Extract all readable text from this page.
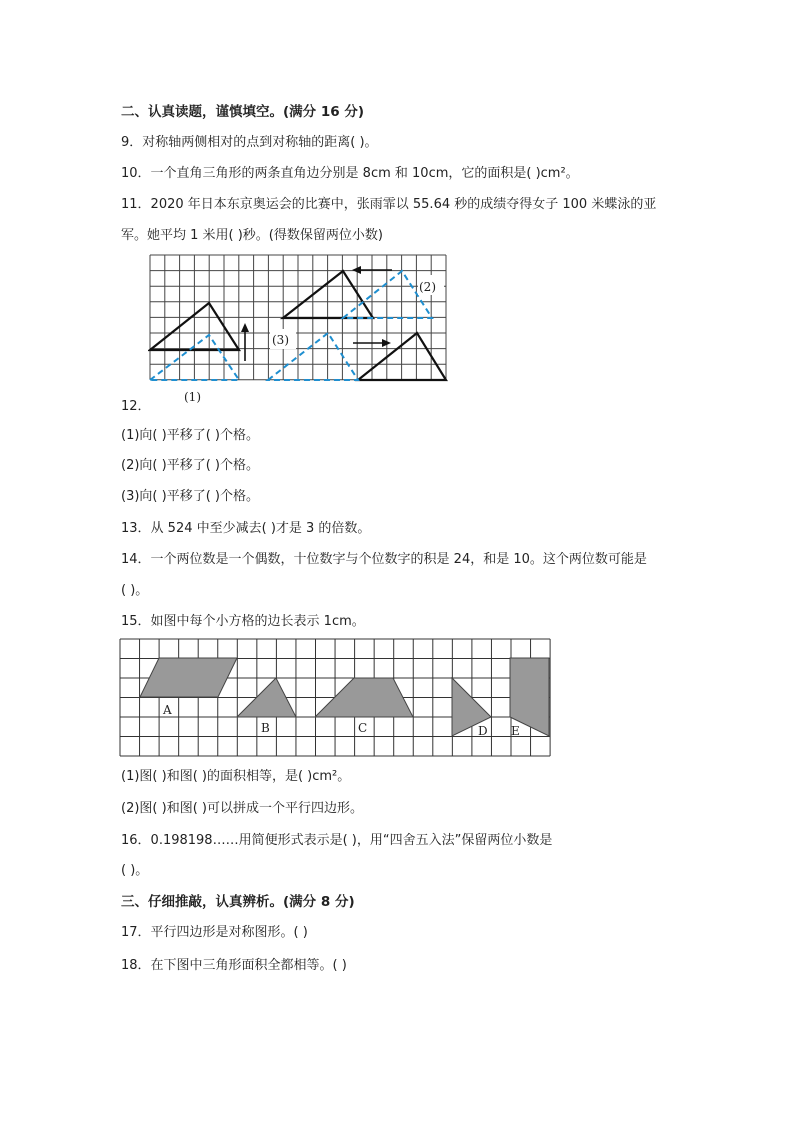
二、认真读题，谨慎填空。(满分 16 分)
9．对称轴两侧相对的点到对称轴的距离( )。
10．一个直角三角形的两条直角边分别是 8cm 和 10cm，它的面积是( )cm²。
11．2020 年日本东京奥运会的比赛中，张雨霏以 55.64 秒的成绩夺得女子 100 米蝶泳的亚
军。她平均 1 米用( )秒。(得数保留两位小数)
(2)
(3)
(1)
12．
(1)向( )平移了( )个格。
(2)向( )平移了( )个格。
(3)向( )平移了( )个格。
13．从 524 中至少减去( )才是 3 的倍数。
14．一个两位数是一个偶数，十位数字与个位数字的积是 24，和是 10。这个两位数可能是
( )。
15．如图中每个小方格的边长表示 1cm。
A
B	C	D E
(1)图( )和图( )的面积相等，是( )cm²。
(2)图( )和图( )可以拼成一个平行四边形。
16．0.198198……用简便形式表示是( )，用“四舍五入法”保留两位小数是
( )。
三、仔细推敲，认真辨析。(满分 8 分)
17．平行四边形是对称图形。( )
18．在下图中三角形面积全都相等。( )
